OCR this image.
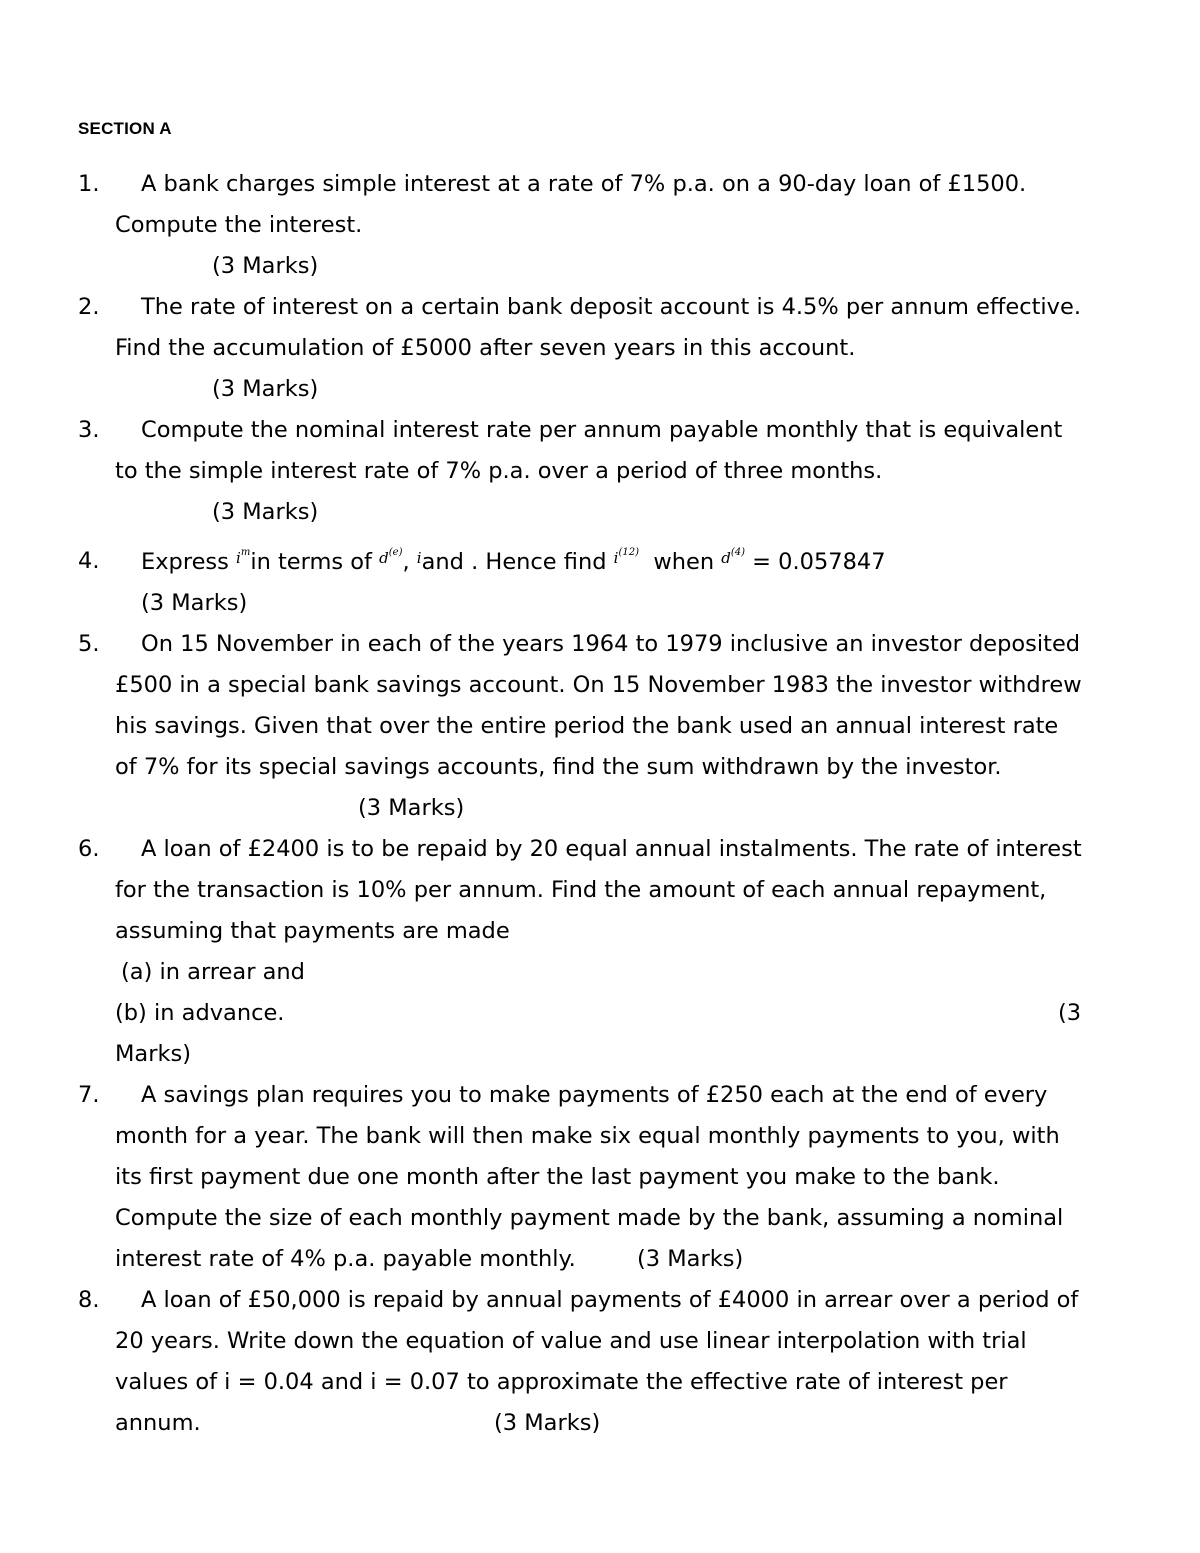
SECTION A
1. A bank charges simple interest at a rate of 7% p.a. on a 90-day loan of £1500.
Compute the interest.
(3 Marks)
2. The rate of interest on a certain bank deposit account is 4.5% per annum effective.
Find the accumulation of £5000 after seven years in this account.
(3 Marks)
3. Compute the nominal interest rate per annum payable monthly that is equivalent
to the simple interest rate of 7% p.a. over a period of three months.
(3 Marks)
4. Express $^{i^m}$in terms of $^{d^{(e)}}$, $^i$and . Hence find $^{i^{(12)}}$ when $^{d^{(4)}}$ = 0.057847
(3 Marks)
5. On 15 November in each of the years 1964 to 1979 inclusive an investor deposited
£500 in a special bank savings account. On 15 November 1983 the investor withdrew
his savings. Given that over the entire period the bank used an annual interest rate
of 7% for its special savings accounts, find the sum withdrawn by the investor.
(3 Marks)
6. A loan of £2400 is to be repaid by 20 equal annual instalments. The rate of interest
for the transaction is 10% per annum. Find the amount of each annual repayment,
assuming that payments are made
(a) in arrear and
(b) in advance.	(3
Marks)
7. A savings plan requires you to make payments of £250 each at the end of every
month for a year. The bank will then make six equal monthly payments to you, with
its first payment due one month after the last payment you make to the bank.
Compute the size of each monthly payment made by the bank, assuming a nominal
interest rate of 4% p.a. payable monthly.	(3 Marks)
8. A loan of £50,000 is repaid by annual payments of £4000 in arrear over a period of
20 years. Write down the equation of value and use linear interpolation with trial
values of i = 0.04 and i = 0.07 to approximate the effective rate of interest per
annum.	(3 Marks)
